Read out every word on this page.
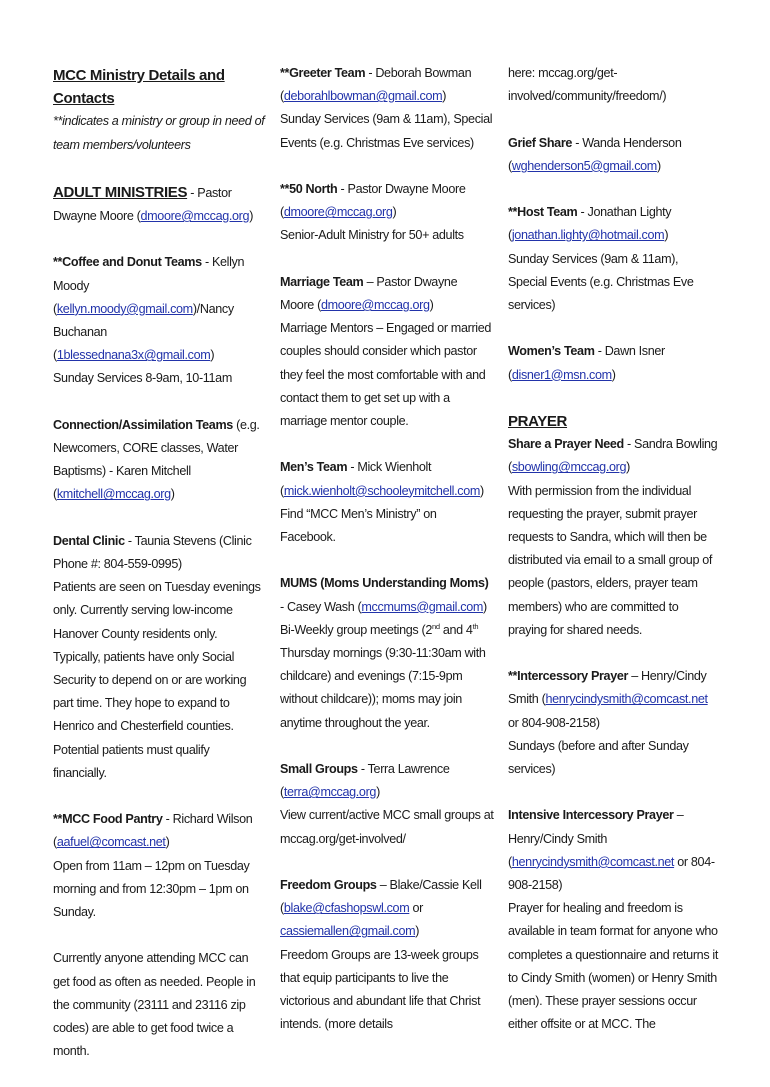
MCC Ministry Details and Contacts
**indicates a ministry or group in need of team members/volunteers
ADULT MINISTRIES - Pastor Dwayne Moore (dmoore@mccag.org)
**Coffee and Donut Teams - Kellyn Moody (kellyn.moody@gmail.com)/Nancy Buchanan (1blessednana3x@gmail.com)
Sunday Services 8-9am, 10-11am
Connection/Assimilation Teams (e.g. Newcomers, CORE classes, Water Baptisms) - Karen Mitchell (kmitchell@mccag.org)
Dental Clinic - Taunia Stevens (Clinic Phone #: 804-559-0995)
Patients are seen on Tuesday evenings only. Currently serving low-income Hanover County residents only. Typically, patients have only Social Security to depend on or are working part time. They hope to expand to Henrico and Chesterfield counties. Potential patients must qualify financially.
**MCC Food Pantry - Richard Wilson (aafuel@comcast.net)
Open from 11am – 12pm on Tuesday morning and from 12:30pm – 1pm on Sunday.
Currently anyone attending MCC can get food as often as needed. People in the community (23111 and 23116 zip codes) are able to get food twice a month.
**Greeter Team - Deborah Bowman (deborahlbowman@gmail.com)
Sunday Services (9am & 11am), Special Events (e.g. Christmas Eve services)
**50 North - Pastor Dwayne Moore (dmoore@mccag.org)
Senior-Adult Ministry for 50+ adults
Marriage Team – Pastor Dwayne Moore (dmoore@mccag.org)
Marriage Mentors – Engaged or married couples should consider which pastor they feel the most comfortable with and contact them to get set up with a marriage mentor couple.
Men’s Team - Mick Wienholt (mick.wienholt@schooleymitchell.com)
Find “MCC Men’s Ministry” on Facebook.
MUMS (Moms Understanding Moms) - Casey Wash (mccmums@gmail.com)
Bi-Weekly group meetings (2nd and 4th Thursday mornings (9:30-11:30am with childcare) and evenings (7:15-9pm without childcare)); moms may join anytime throughout the year.
Small Groups - Terra Lawrence (terra@mccag.org)
View current/active MCC small groups at mccag.org/get-involved/
Freedom Groups – Blake/Cassie Kell (blake@cfashopswl.com or cassiemallen@gmail.com)
Freedom Groups are 13-week groups that equip participants to live the victorious and abundant life that Christ intends. (more details
here: mccag.org/get-involved/community/freedom/)
Grief Share - Wanda Henderson (wghenderson5@gmail.com)
**Host Team - Jonathan Lighty (jonathan.lighty@hotmail.com)
Sunday Services (9am & 11am), Special Events (e.g. Christmas Eve services)
Women’s Team - Dawn Isner (disner1@msn.com)
PRAYER
Share a Prayer Need - Sandra Bowling (sbowling@mccag.org)
With permission from the individual requesting the prayer, submit prayer requests to Sandra, which will then be distributed via email to a small group of people (pastors, elders, prayer team members) who are committed to praying for shared needs.
**Intercessory Prayer – Henry/Cindy Smith (henrycindysmith@comcast.net or 804-908-2158)
Sundays (before and after Sunday services)
Intensive Intercessory Prayer – Henry/Cindy Smith (henrycindysmith@comcast.net or 804-908-2158)
Prayer for healing and freedom is available in team format for anyone who completes a questionnaire and returns it to Cindy Smith (women) or Henry Smith (men). These prayer sessions occur either offsite or at MCC. The
